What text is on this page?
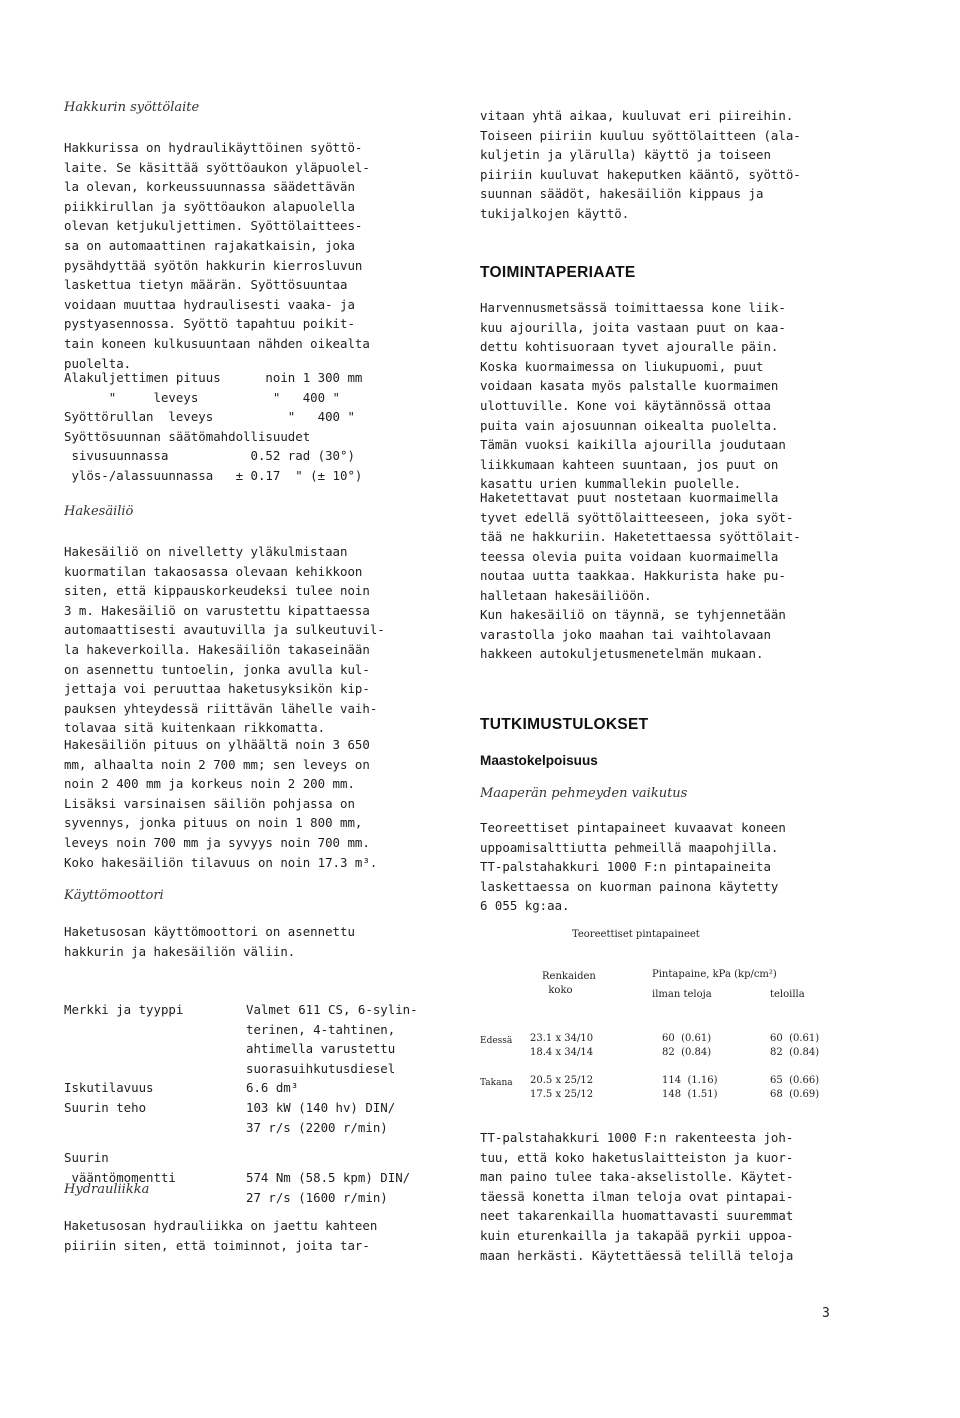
Hakkurin syöttölaite
Hakkurissa on hydraulikäyttöinen syöttö-
laite. Se käsittää syöttöaukon yläpuolel-
la olevan, korkeussuunnassa säädettävän
piikkirullan ja syöttöaukon alapuolella
olevan ketjukuljettimen. Syöttölaittees-
sa on automaattinen rajakatkaisin, joka
pysähdyttää syötön hakkurin kierrosluvun
laskettua tietyn määrän. Syöttösuuntaa
voidaan muuttaa hydraulisesti vaaka- ja
pystyasennossa. Syöttö tapahtuu poikit-
tain koneen kulkusuuntaan nähden oikealta
puolelta.
Alakuljettimen pituus      noin 1 300 mm
"     leveys          "   400 "
Syöttörullan  leveys          "   400 "
Syöttösuunnan säätömahdollisuudet
sivusuunnassa           0.52 rad (30°)
ylös-/alassuunnassa   ± 0.17  " (± 10°)
Hakesäiliö
Hakesäiliö on nivelletty yläkulmistaan
kuormatilan takaosassa olevaan kehikkoon
siten, että kippauskorkeudeksi tulee noin
3 m. Hakesäiliö on varustettu kipattaessa
automaattisesti avautuvilla ja sulkeutuvil-
la hakeverkoilla. Hakesäiliön takaseinään
on asennettu tuntoelin, jonka avulla kul-
jettaja voi peruuttaa haketusyksikön kip-
pauksen yhteydessä riittävän lähelle vaih-
tolavaa sitä kuitenkaan rikkomatta.
Hakesäiliön pituus on ylhäältä noin 3 650
mm, alhaalta noin 2 700 mm; sen leveys on
noin 2 400 mm ja korkeus noin 2 200 mm.
Lisäksi varsinaisen säiliön pohjassa on
syvennys, jonka pituus on noin 1 800 mm,
leveys noin 700 mm ja syvyys noin 700 mm.
Koko hakesäiliön tilavuus on noin 17.3 m³.
Käyttömoottori
Haketusosan käyttömoottori on asennettu
hakkurin ja hakesäiliön väliin.
Merkki ja tyyppi	Valmet 611 CS, 6-sylin-
terinen, 4-tahtinen,
ahtimella varustettu
suorasuihkutusdiesel
Iskutilavuus	6.6 dm³
Suurin teho	103 kW (140 hv) DIN/
37 r/s (2200 r/min)
Suurin
vääntömomentti	574 Nm (58.5 kpm) DIN/
27 r/s (1600 r/min)
Hydrauliikka
Haketusosan hydrauliikka on jaettu kahteen
piiriin siten, että toiminnot, joita tar-
vitaan yhtä aikaa, kuuluvat eri piireihin.
Toiseen piiriin kuuluu syöttölaitteen (ala-
kuljetin ja ylärulla) käyttö ja toiseen
piiriin kuuluvat hakeputken kääntö, syöttö-
suunnan säädöt, hakesäiliön kippaus ja
tukijalkojen käyttö.
TOIMINTAPERIAATE
Harvennusmetsässä toimittaessa kone liik-
kuu ajourilla, joita vastaan puut on kaa-
dettu kohtisuoraan tyvet ajouralle päin.
Koska kuormaimessa on liukupuomi, puut
voidaan kasata myös palstalle kuormaimen
ulottuville. Kone voi käytännössä ottaa
puita vain ajosuunnan oikealta puolelta.
Tämän vuoksi kaikilla ajourilla joudutaan
liikkumaan kahteen suuntaan, jos puut on
kasattu urien kummallekin puolelle.
Haketettavat puut nostetaan kuormaimella
tyvet edellä syöttölaitteeseen, joka syöt-
tää ne hakkuriin. Haketettaessa syöttölait-
teessa olevia puita voidaan kuormaimella
noutaa uutta taakkaa. Hakkurista hake pu-
halletaan hakesäiliöön.
Kun hakesäiliö on täynnä, se tyhjennetään
varastolla joko maahan tai vaihtolavaan
hakkeen autokuljetusmenetelmän mukaan.
TUTKIMUSTULOKSET
Maastokelpoisuus
Maaperän pehmeyden vaikutus
Teoreettiset pintapaineet kuvaavat koneen
uppoamisalttiutta pehmeillä maapohjilla.
TT-palstahakkuri 1000 F:n pintapaineita
laskettaessa on kuorman painona käytetty
6 055 kg:aa.
Teoreettiset pintapaineet
Renkaiden
koko
Pintapaine, kPa (kp/cm²)
ilman teloja	teloilla
Edessä 23.1 x 34/10	60  (0.61)	60  (0.61)
18.4 x 34/14	82  (0.84)	82  (0.84)
Takana 20.5 x 25/12	114  (1.16)	65  (0.66)
17.5 x 25/12	148  (1.51)	68  (0.69)
TT-palstahakkuri 1000 F:n rakenteesta joh-
tuu, että koko haketuslaitteiston ja kuor-
man paino tulee taka-akselistolle. Käytet-
täessä konetta ilman teloja ovat pintapai-
neet takarenkailla huomattavasti suuremmat
kuin eturenkailla ja takapää pyrkii uppoa-
maan herkästi. Käytettäessä telillä teloja
3
